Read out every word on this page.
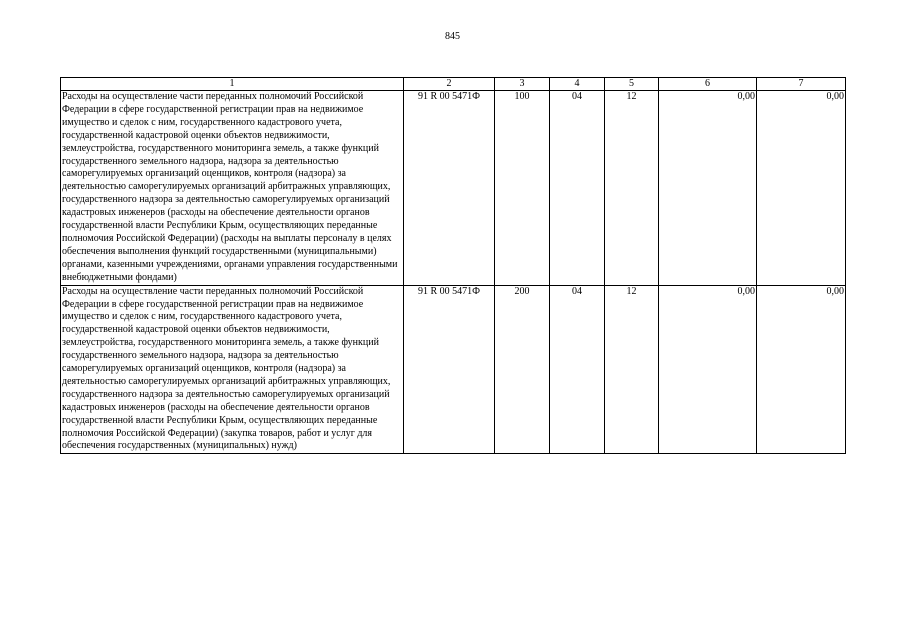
845
1	2	3	4	5	6	7
Расходы на осуществление части переданных полномочий Российской Федерации в сфере государственной регистрации прав на недвижимое имущество и сделок с ним, государственного кадастрового учета, государственной кадастровой оценки объектов недвижимости, землеустройства, государственного мониторинга земель, а также функций государственного земельного надзора, надзора за деятельностью саморегулируемых организаций оценщиков, контроля (надзора) за деятельностью саморегулируемых организаций арбитражных управляющих, государственного надзора за деятельностью саморегулируемых организаций кадастровых инженеров (расходы на обеспечение деятельности органов государственной власти Республики Крым, осуществляющих переданные полномочия Российской Федерации) (расходы на выплаты персоналу в целях обеспечения выполнения функций государственными (муниципальными) органами, казенными учреждениями, органами управления государственными внебюджетными фондами)	91 R 00 5471Ф	100	04	12	0,00	0,00
Расходы на осуществление части переданных полномочий Российской Федерации в сфере государственной регистрации прав на недвижимое имущество и сделок с ним, государственного кадастрового учета, государственной кадастровой оценки объектов недвижимости, землеустройства, государственного мониторинга земель, а также функций государственного земельного надзора, надзора за деятельностью саморегулируемых организаций оценщиков, контроля (надзора) за деятельностью саморегулируемых организаций арбитражных управляющих, государственного надзора за деятельностью саморегулируемых организаций кадастровых инженеров (расходы на обеспечение деятельности органов государственной власти Республики Крым, осуществляющих переданные полномочия Российской Федерации) (закупка товаров, работ и услуг для обеспечения государственных (муниципальных) нужд)	91 R 00 5471Ф	200	04	12	0,00	0,00
